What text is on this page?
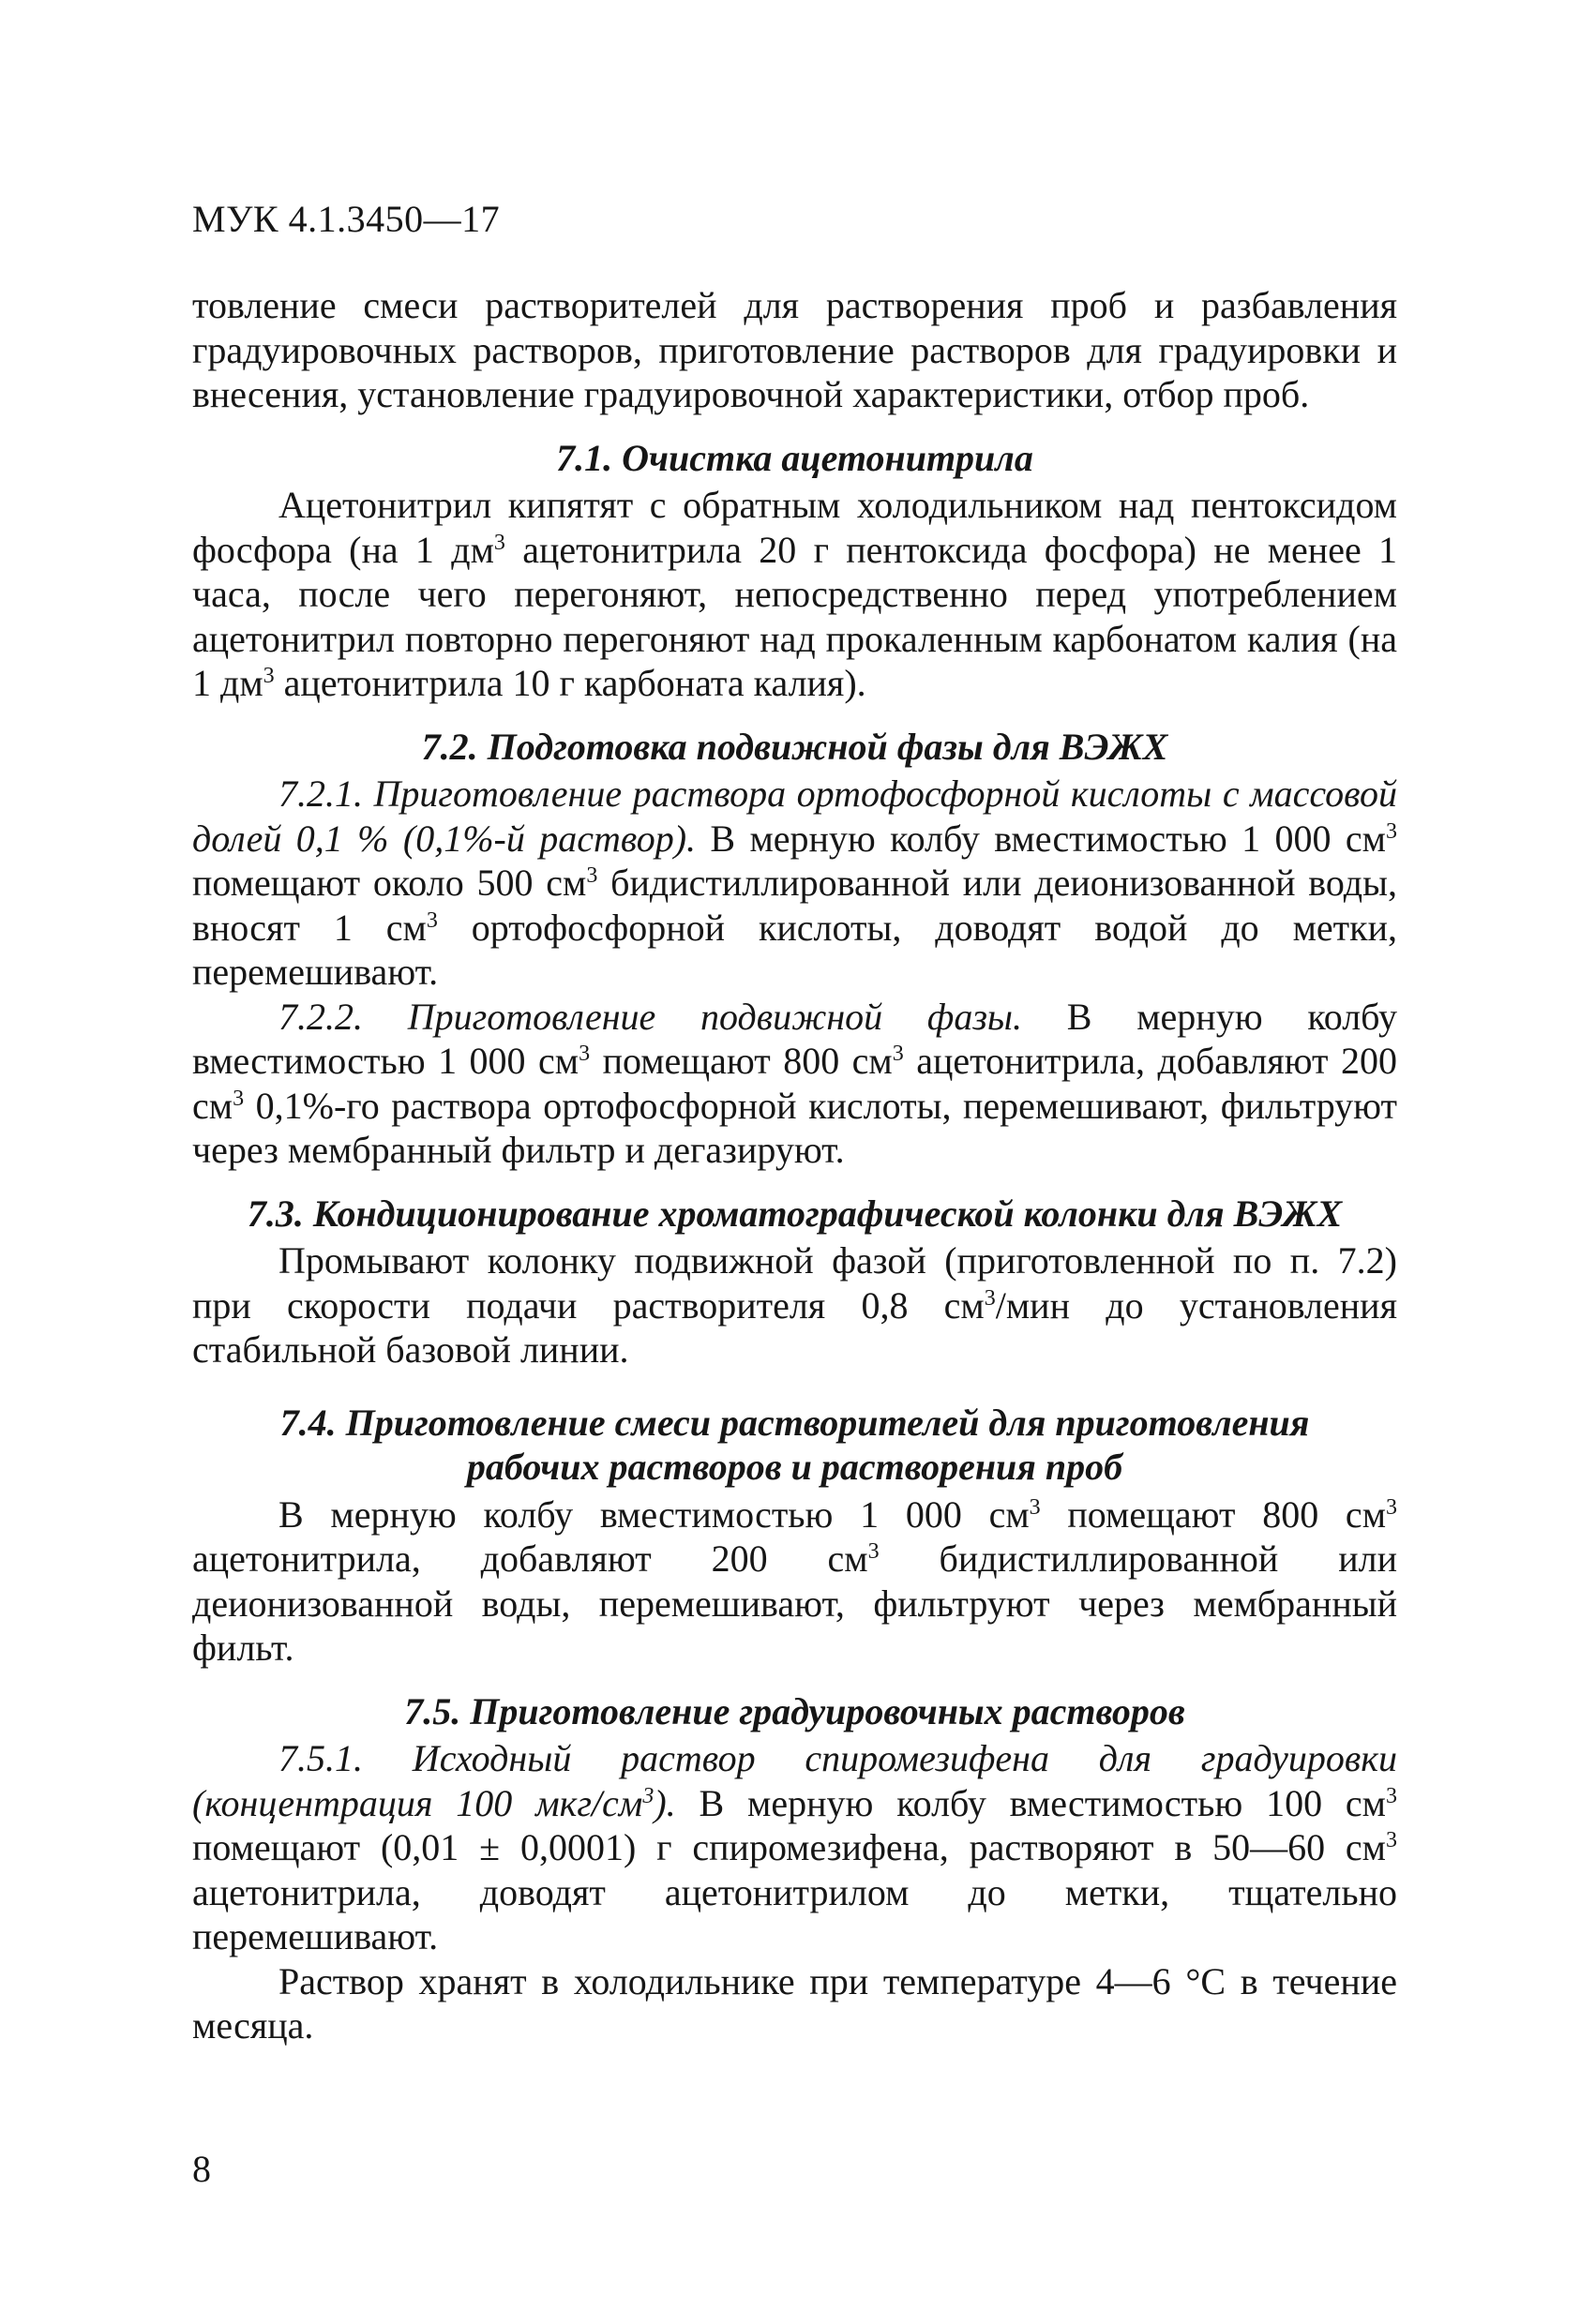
МУК 4.1.3450—17

товление смеси растворителей для растворения проб и разбавления градуировочных растворов, приготовление растворов для градуировки и внесения, установление градуировочной характеристики, отбор проб.

7.1. Очистка ацетонитрила

Ацетонитрил кипятят с обратным холодильником над пентоксидом фосфора (на 1 $дм^3$ ацетонитрила 20 г пентоксида фосфора) не менее 1 часа, после чего перегоняют, непосредственно перед употреблением ацетонитрил повторно перегоняют над прокаленным карбонатом калия (на 1 $дм^3$ ацетонитрила 10 г карбоната калия).

7.2. Подготовка подвижной фазы для ВЭЖХ

7.2.1. Приготовление раствора ортофосфорной кислоты с массовой долей 0,1 % (0,1%-й раствор). В мерную колбу вместимостью 1 000 $см^3$ помещают около 500 $см^3$ бидистиллированной или деионизованной воды, вносят 1 $см^3$ ортофосфорной кислоты, доводят водой до метки, перемешивают.

7.2.2. Приготовление подвижной фазы. В мерную колбу вместимостью 1 000 $см^3$ помещают 800 $см^3$ ацетонитрила, добавляют 200 $см^3$ 0,1%-го раствора ортофосфорной кислоты, перемешивают, фильтруют через мембранный фильтр и дегазируют.

7.3. Кондиционирование хроматографической колонки для ВЭЖХ

Промывают колонку подвижной фазой (приготовленной по п. 7.2) при скорости подачи растворителя 0,8 $см^3$/мин до установления стабильной базовой линии.

7.4. Приготовление смеси растворителей для приготовления
рабочих растворов и растворения проб

В мерную колбу вместимостью 1 000 $см^3$ помещают 800 $см^3$ ацетонитрила, добавляют 200 $см^3$ бидистиллированной или деионизованной воды, перемешивают, фильтруют через мембранный фильт.

7.5. Приготовление градуировочных растворов

7.5.1. Исходный раствор спиромезифена для градуировки (концентрация 100 мкг/$см^3$). В мерную колбу вместимостью 100 $см^3$ помещают (0,01 ± 0,0001) г спиромезифена, растворяют в 50—60 $см^3$ ацетонитрила, доводят ацетонитрилом до метки, тщательно перемешивают.

Раствор хранят в холодильнике при температуре 4—6 °С в течение месяца.

8
